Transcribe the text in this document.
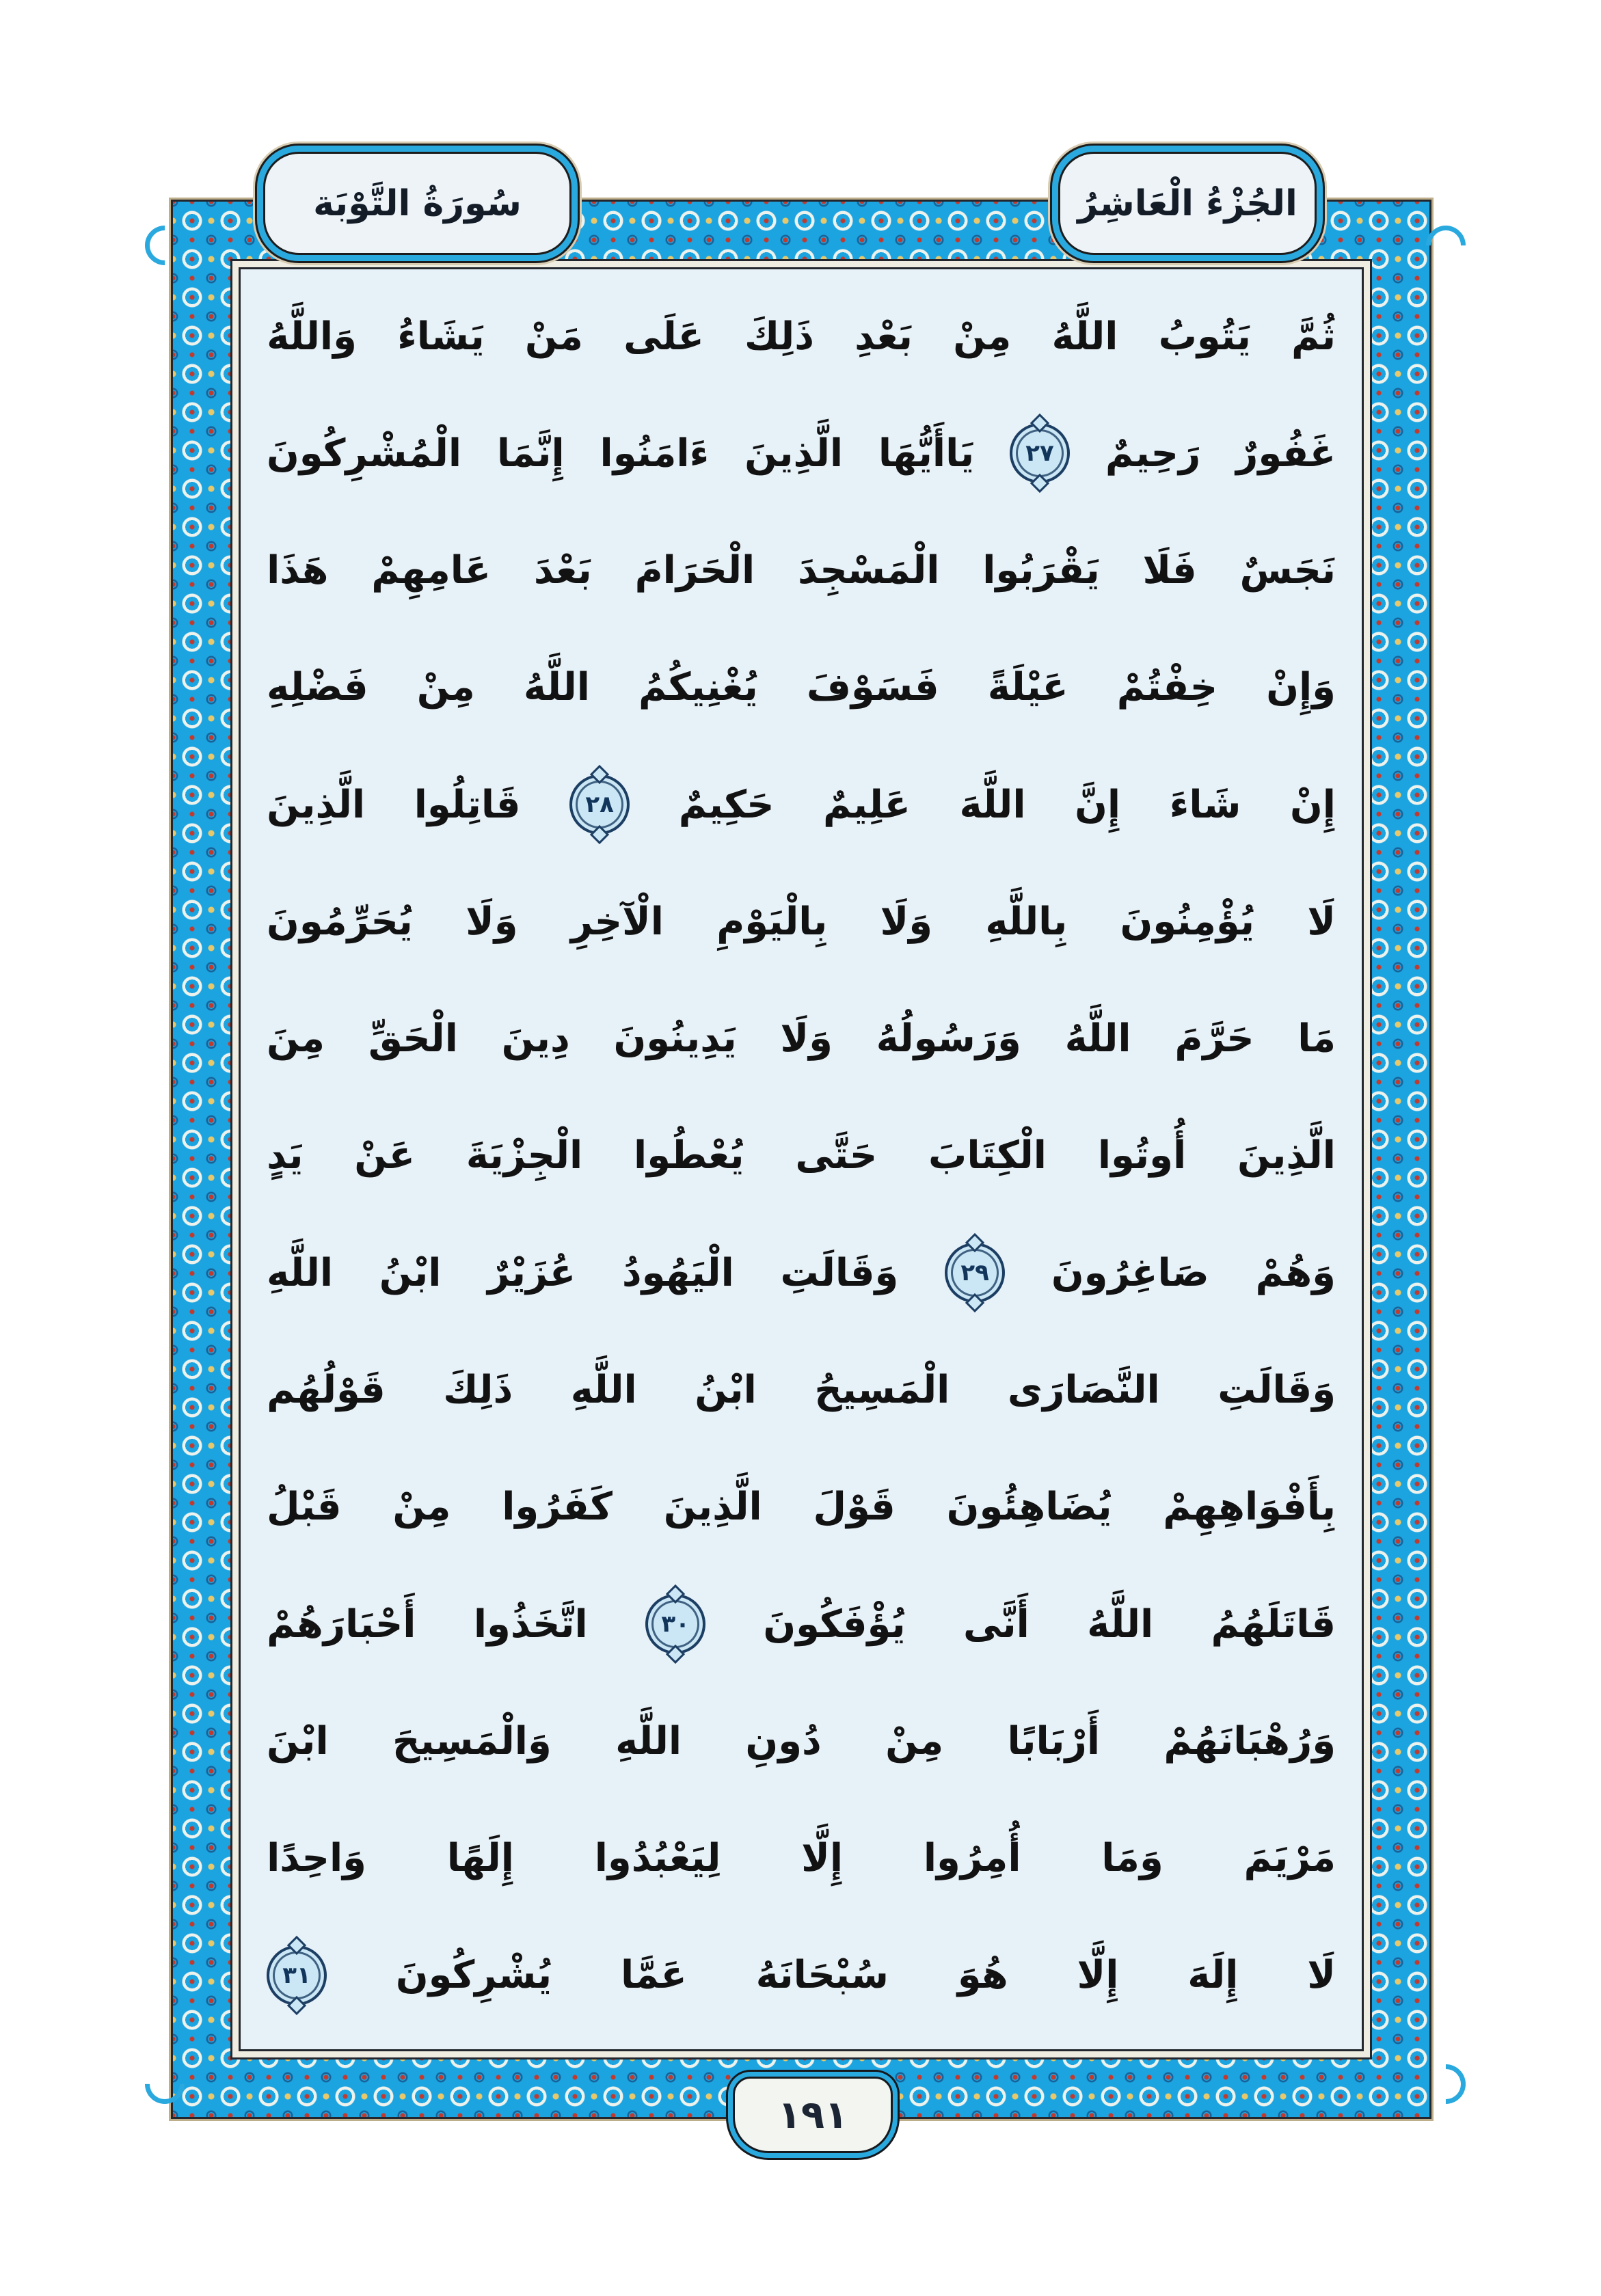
سُورَةُ التَّوْبَة	الجُزْءُ الْعَاشِرُ
ثُمَّ
يَتُوبُ
اللَّهُ
مِنْ
بَعْدِ
ذَلِكَ
عَلَى
مَنْ
يَشَاءُ
وَاللَّهُ
غَفُورٌ
رَحِيمٌ
٢٧
يَاأَيُّهَا
الَّذِينَ
ءَامَنُوا
إِنَّمَا
الْمُشْرِكُونَ
نَجَسٌ
فَلَا
يَقْرَبُوا
الْمَسْجِدَ
الْحَرَامَ
بَعْدَ
عَامِهِمْ
هَذَا
وَإِنْ
خِفْتُمْ
عَيْلَةً
فَسَوْفَ
يُغْنِيكُمُ
اللَّهُ
مِنْ
فَضْلِهِ
إِنْ
شَاءَ
إِنَّ
اللَّهَ
عَلِيمٌ
حَكِيمٌ
٢٨
قَاتِلُوا
الَّذِينَ
لَا
يُؤْمِنُونَ
بِاللَّهِ
وَلَا
بِالْيَوْمِ
الْآخِرِ
وَلَا
يُحَرِّمُونَ
مَا
حَرَّمَ
اللَّهُ
وَرَسُولُهُ
وَلَا
يَدِينُونَ
دِينَ
الْحَقِّ
مِنَ
الَّذِينَ
أُوتُوا
الْكِتَابَ
حَتَّى
يُعْطُوا
الْجِزْيَةَ
عَنْ
يَدٍ
وَهُمْ
صَاغِرُونَ
٢٩
وَقَالَتِ
الْيَهُودُ
عُزَيْرٌ
ابْنُ
اللَّهِ
وَقَالَتِ
النَّصَارَى
الْمَسِيحُ
ابْنُ
اللَّهِ
ذَلِكَ
قَوْلُهُم
بِأَفْوَاهِهِمْ
يُضَاهِئُونَ
قَوْلَ
الَّذِينَ
كَفَرُوا
مِنْ
قَبْلُ
قَاتَلَهُمُ
اللَّهُ
أَنَّى
يُؤْفَكُونَ
٣٠
اتَّخَذُوا
أَحْبَارَهُمْ
وَرُهْبَانَهُمْ
أَرْبَابًا
مِنْ
دُونِ
اللَّهِ
وَالْمَسِيحَ
ابْنَ
مَرْيَمَ
وَمَا
أُمِرُوا
إِلَّا
لِيَعْبُدُوا
إِلَهًا
وَاحِدًا
لَا
إِلَهَ
إِلَّا
هُوَ
سُبْحَانَهُ
عَمَّا
يُشْرِكُونَ
٣١
١٩١
